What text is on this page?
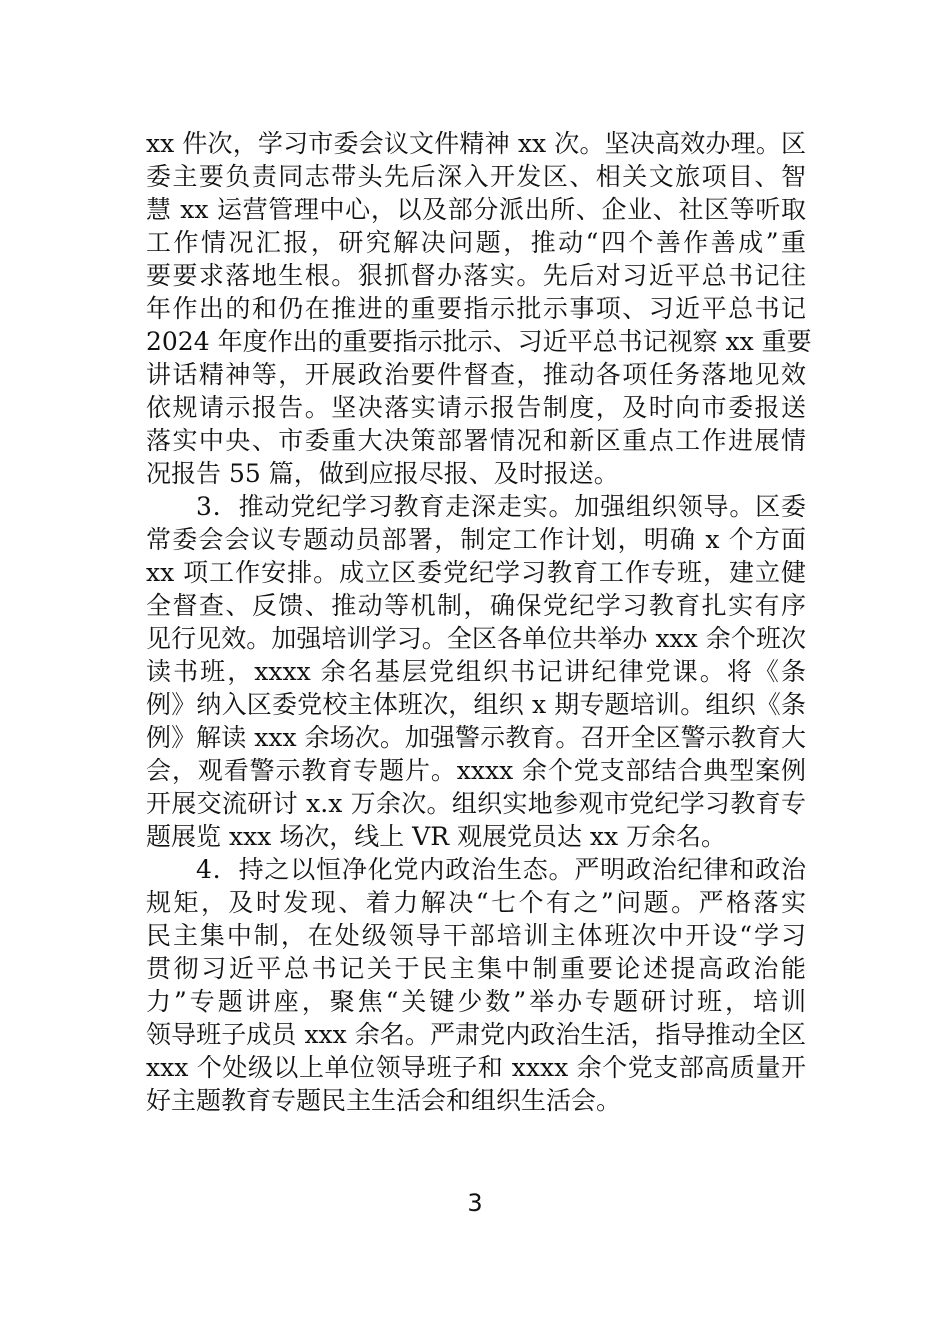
xx 件次，学习市委会议文件精神 xx 次。坚决高效办理。区
委主要负责同志带头先后深入开发区、相关文旅项目、智
慧 xx 运营管理中心，以及部分派出所、企业、社区等听取
工作情况汇报，研究解决问题，推动“四个善作善成”重
要要求落地生根。狠抓督办落实。先后对习近平总书记往
年作出的和仍在推进的重要指示批示事项、习近平总书记
2024 年度作出的重要指示批示、习近平总书记视察 xx 重要
讲话精神等，开展政治要件督查，推动各项任务落地见效
依规请示报告。坚决落实请示报告制度，及时向市委报送
落实中央、市委重大决策部署情况和新区重点工作进展情
况报告 55 篇，做到应报尽报、及时报送。
3．推动党纪学习教育走深走实。加强组织领导。区委
常委会会议专题动员部署，制定工作计划，明确 x 个方面
xx 项工作安排。成立区委党纪学习教育工作专班，建立健
全督查、反馈、推动等机制，确保党纪学习教育扎实有序
见行见效。加强培训学习。全区各单位共举办 xxx 余个班次
读书班，xxxx 余名基层党组织书记讲纪律党课。将《条
例》纳入区委党校主体班次，组织 x 期专题培训。组织《条
例》解读 xxx 余场次。加强警示教育。召开全区警示教育大
会，观看警示教育专题片。xxxx 余个党支部结合典型案例
开展交流研讨 x.x 万余次。组织实地参观市党纪学习教育专
题展览 xxx 场次，线上 VR 观展党员达 xx 万余名。
4．持之以恒净化党内政治生态。严明政治纪律和政治
规矩，及时发现、着力解决“七个有之”问题。严格落实
民主集中制，在处级领导干部培训主体班次中开设“学习
贯彻习近平总书记关于民主集中制重要论述提高政治能
力”专题讲座，聚焦“关键少数”举办专题研讨班，培训
领导班子成员 xxx 余名。严肃党内政治生活，指导推动全区
xxx 个处级以上单位领导班子和 xxxx 余个党支部高质量开
好主题教育专题民主生活会和组织生活会。
3
